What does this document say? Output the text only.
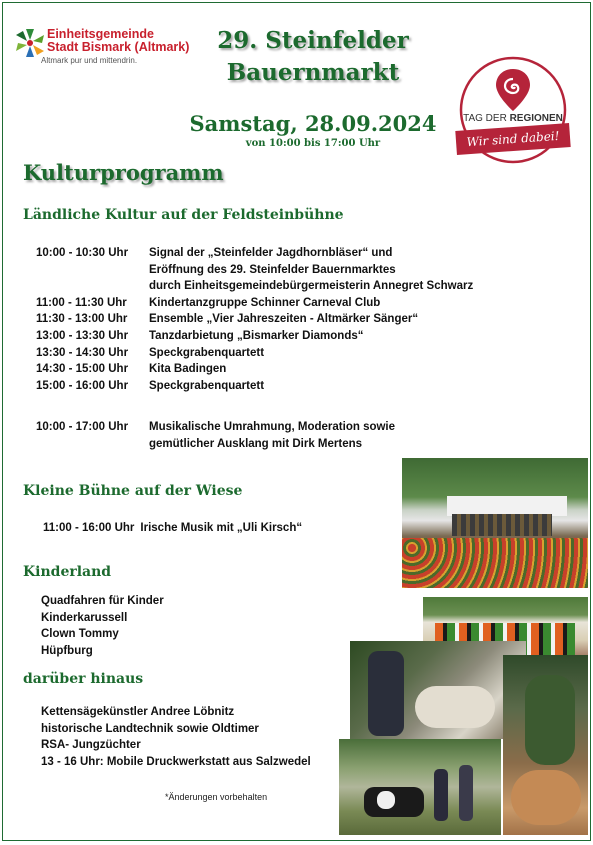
Einheitsgemeinde
Stadt Bismark (Altmark)
Altmark pur und mittendrin.
29. Steinfelder
Bauernmarkt
Samstag, 28.09.2024
von 10:00 bis 17:00 Uhr
TAG DER REGIONEN
Wir sind dabei!
Kulturprogramm
Ländliche Kultur auf der Feldsteinbühne
10:00 - 10:30 Uhr	Signal der „Steinfelder Jagdhornbläser“ und
Eröffnung des 29. Steinfelder Bauernmarktes
durch Einheitsgemeindebürgermeisterin Annegret Schwarz
11:00 - 11:30 Uhr	Kindertanzgruppe Schinner Carneval Club
11:30 - 13:00 Uhr	Ensemble „Vier Jahreszeiten - Altmärker Sänger“
13:00 - 13:30 Uhr	Tanzdarbietung „Bismarker Diamonds“
13:30 - 14:30 Uhr	Speckgrabenquartett
14:30 - 15:00 Uhr	Kita Badingen
15:00 - 16:00 Uhr	Speckgrabenquartett
10:00 - 17:00 Uhr	Musikalische Umrahmung, Moderation sowie
gemütlicher Ausklang mit Dirk Mertens
Kleine Bühne auf der Wiese
11:00 - 16:00 Uhr Irische Musik mit „Uli Kirsch“
Kinderland
Quadfahren für Kinder
Kinderkarussell
Clown Tommy
Hüpfburg
darüber hinaus
Kettensägekünstler Andree Löbnitz
historische Landtechnik sowie Oldtimer
RSA- Jungzüchter
13 - 16 Uhr: Mobile Druckwerkstatt aus Salzwedel
*Änderungen vorbehalten
